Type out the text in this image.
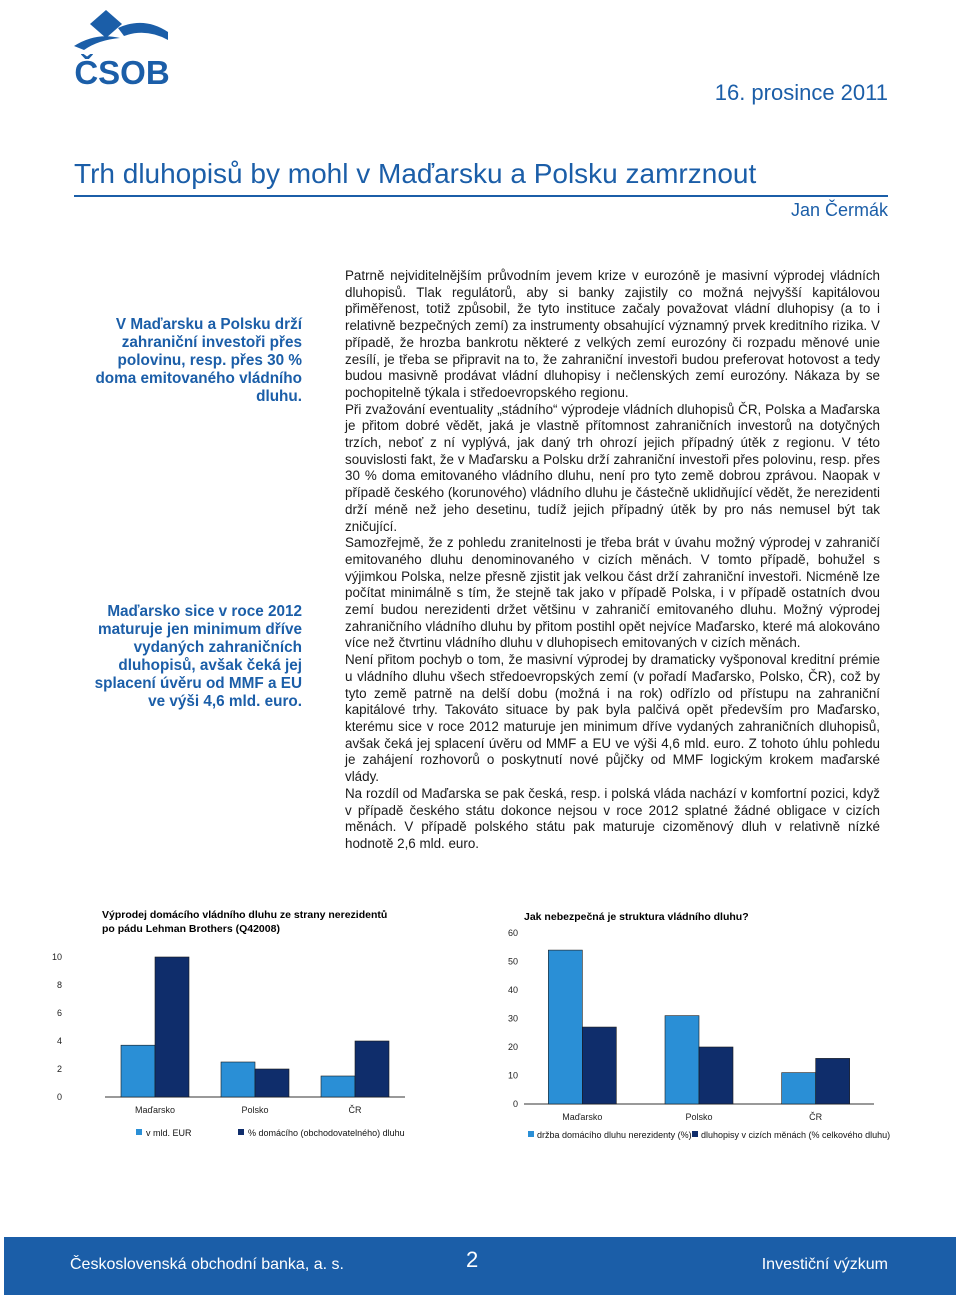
ČSOB
16. prosince 2011
Trh dluhopisů by mohl v Maďarsku a Polsku zamrznout
Jan Čermák
V Maďarsku a Polsku drží zahraniční investoři přes polovinu, resp. přes 30 % doma emitovaného vládního dluhu.
Maďarsko sice v roce 2012 maturuje jen minimum dříve vydaných zahraničních dluhopisů, avšak čeká jej splacení úvěru od MMF a EU ve výši 4,6 mld. euro.

Patrně nejviditelnějším průvodním jevem krize v eurozóně je masivní výprodej vládních dluhopisů. Tlak regulátorů, aby si banky zajistily co možná nejvyšší kapitálovou přiměřenost, totiž způsobil, že tyto instituce začaly považovat vládní dluhopisy (a to i relativně bezpečných zemí) za instrumenty obsahující významný prvek kreditního rizika. V případě, že hrozba bankrotu některé z velkých zemí eurozóny či rozpadu měnové unie zesílí, je třeba se připravit na to, že zahraniční investoři budou preferovat hotovost a tedy budou masivně prodávat vládní dluhopisy i nečlenských zemí eurozóny. Nákaza by se pochopitelně týkala i středoevropského regionu.

Při zvažování eventuality „stádního“ výprodeje vládních dluhopisů ČR, Polska a Maďarska je přitom dobré vědět, jaká je vlastně přítomnost zahraničních investorů na dotyčných trzích, neboť z ní vyplývá, jak daný trh ohrozí jejich případný útěk z regionu. V této souvislosti fakt, že v Maďarsku a Polsku drží zahraniční investoři přes polovinu, resp. přes 30 % doma emitovaného vládního dluhu, není pro tyto země dobrou zprávou. Naopak v případě českého (korunového) vládního dluhu je částečně uklidňující vědět, že nerezidenti drží méně než jeho desetinu, tudíž jejich případný útěk by pro nás nemusel být tak zničující.

Samozřejmě, že z pohledu zranitelnosti je třeba brát v úvahu možný výprodej v zahraničí emitovaného dluhu denominovaného v cizích měnách. V tomto případě, bohužel s výjimkou Polska, nelze přesně zjistit jak velkou část drží zahraniční investoři. Nicméně lze počítat minimálně s tím, že stejně tak jako v případě Polska, i v případě ostatních dvou zemí budou nerezidenti držet většinu v zahraničí emitovaného dluhu. Možný výprodej zahraničního vládního dluhu by přitom postihl opět nejvíce Maďarsko, které má alokováno více než čtvrtinu vládního dluhu v dluhopisech emitovaných v cizích měnách.

Není přitom pochyb o tom, že masivní výprodej by dramaticky vyšponoval kreditní prémie u vládního dluhu všech středoevropských zemí (v pořadí Maďarsko, Polsko, ČR), což by tyto země patrně na delší dobu (možná i na rok) odřízlo od přístupu na zahraniční kapitálové trhy. Takováto situace by pak byla palčivá opět především pro Maďarsko, kterému sice v roce 2012 maturuje jen minimum dříve vydaných zahraničních dluhopisů, avšak čeká jej splacení úvěru od MMF a EU ve výši 4,6 mld. euro. Z tohoto úhlu pohledu je zahájení rozhovorů o poskytnutí nové půjčky od MMF logickým krokem maďarské vlády.

Na rozdíl od Maďarska se pak česká, resp. i polská vláda nachází v komfortní pozici, když v případě českého státu dokonce nejsou v roce 2012 splatné žádné obligace v cizích měnách. V případě polského státu pak maturuje cizoměnový dluh v relativně nízké hodnotě 2,6 mld. euro.

Výprodej domácího vládního dluhu ze strany nerezidentů
po pádu Lehman Brothers (Q42008)
0
2
4
6
8
10
Maďarsko	Polsko	ČR
v mld. EUR	% domácího (obchodovatelného) dluhu
Jak nebezpečná je struktura vládního dluhu?
0
10
20
30
40
50
60
Maďarsko	Polsko	ČR
držba domácího dluhu nerezidenty (%) dluhopisy v cizích měnách (% celkového dluhu)
Československá obchodní banka, a. s.	2	Investiční výzkum
